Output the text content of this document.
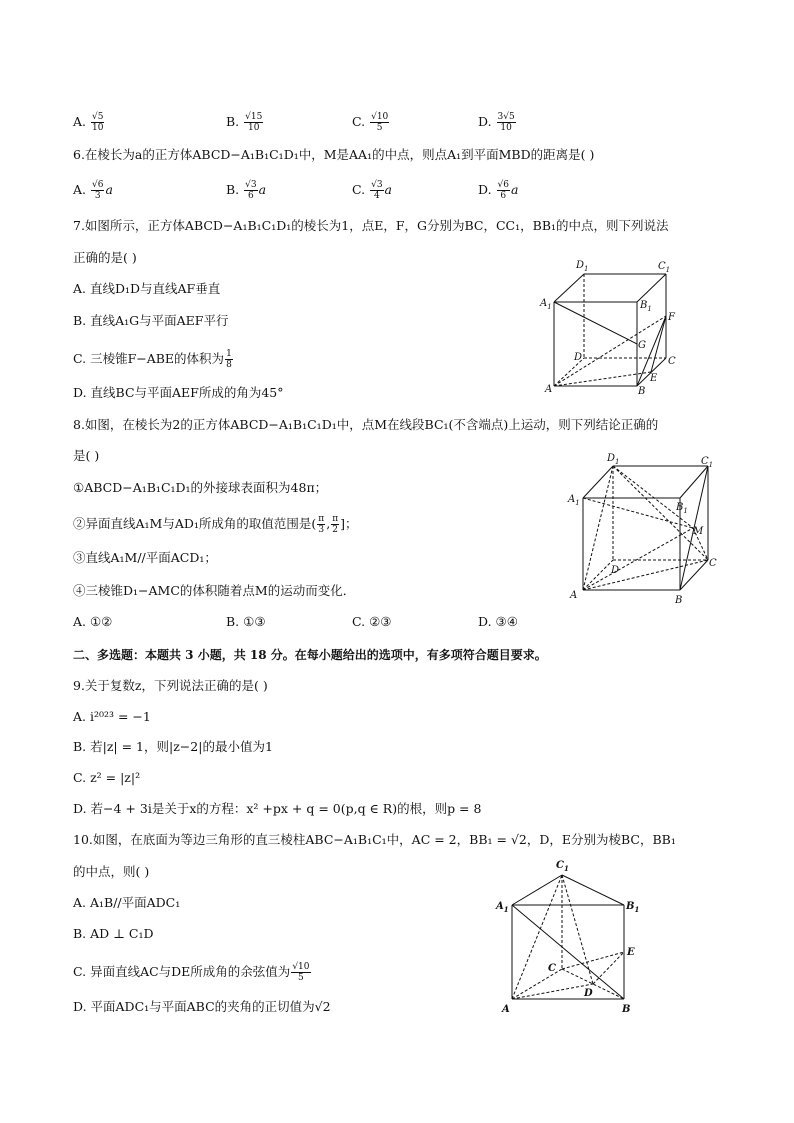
A. $\frac{√5}{10}$	B. $\frac{√15}{10}$	C. $\frac{√10}{5}$	D. $\frac{3√5}{10}$
6.在棱长为a的正方体ABCD−A₁B₁C₁D₁中，M是AA₁的中点，则点A₁到平面MBD的距离是( )
A. $\frac{√6}{3}$ a	B. $\frac{√3}{6}$ a	C. $\frac{√3}{4}$ a	D. $\frac{√6}{6}$ a
7.如图所示，正方体ABCD−A₁B₁C₁D₁的棱长为1，点E，F，G分别为BC，CC₁，BB₁的中点，则下列说法
正确的是( )
A. 直线D₁D与直线AF垂直
B. 直线A₁G与平面AEF平行
C. 三棱锥F−ABE的体积为 $\frac{1}{8}$
D. 直线BC与平面AEF所成的角为45°
$D_1$	$C_1$
$A_1$	$B_1$
F
G
D	C
A
E
B
8.如图，在棱长为2的正方体ABCD−A₁B₁C₁D₁中，点M在线段BC₁(不含端点)上运动，则下列结论正确的
是( )
①ABCD−A₁B₁C₁D₁的外接球表面积为48π；
②异面直线A₁M与AD₁所成角的取值范围是( $\frac{\pi}{3}$ , $\frac{\pi}{2}$ ]；
③直线A₁M//平面ACD₁；
④三棱锥D₁−AMC的体积随着点M的运动而变化．
A. ①②	B. ①③	C. ②③	D. ③④
$D_1$	$C_1$
$A_1$	$B_1$
M
D
C
A	B
二、多选题：本题共 3 小题，共 18 分。在每小题给出的选项中，有多项符合题目要求。
9.关于复数z，下列说法正确的是( )
A. i²⁰²³ = −1
B. 若|z| = 1，则|z−2|的最小值为1
C. z² = |z|²
D. 若−4 + 3i是关于x的方程：x² +px + q = 0(p,q ∈ R)的根，则p = 8
10.如图，在底面为等边三角形的直三棱柱ABC−A₁B₁C₁中，AC = 2，BB₁ = √2，D，E分别为棱BC，BB₁
的中点，则( )
A. A₁B//平面ADC₁
B. AD ⊥ C₁D
C. 异面直线AC与DE所成角的余弦值为 $\frac{√10}{5}$
D. 平面ADC₁与平面ABC的夹角的正切值为√2
$C_1$
$A_1$	$B_1$
E
C
D
A	B
